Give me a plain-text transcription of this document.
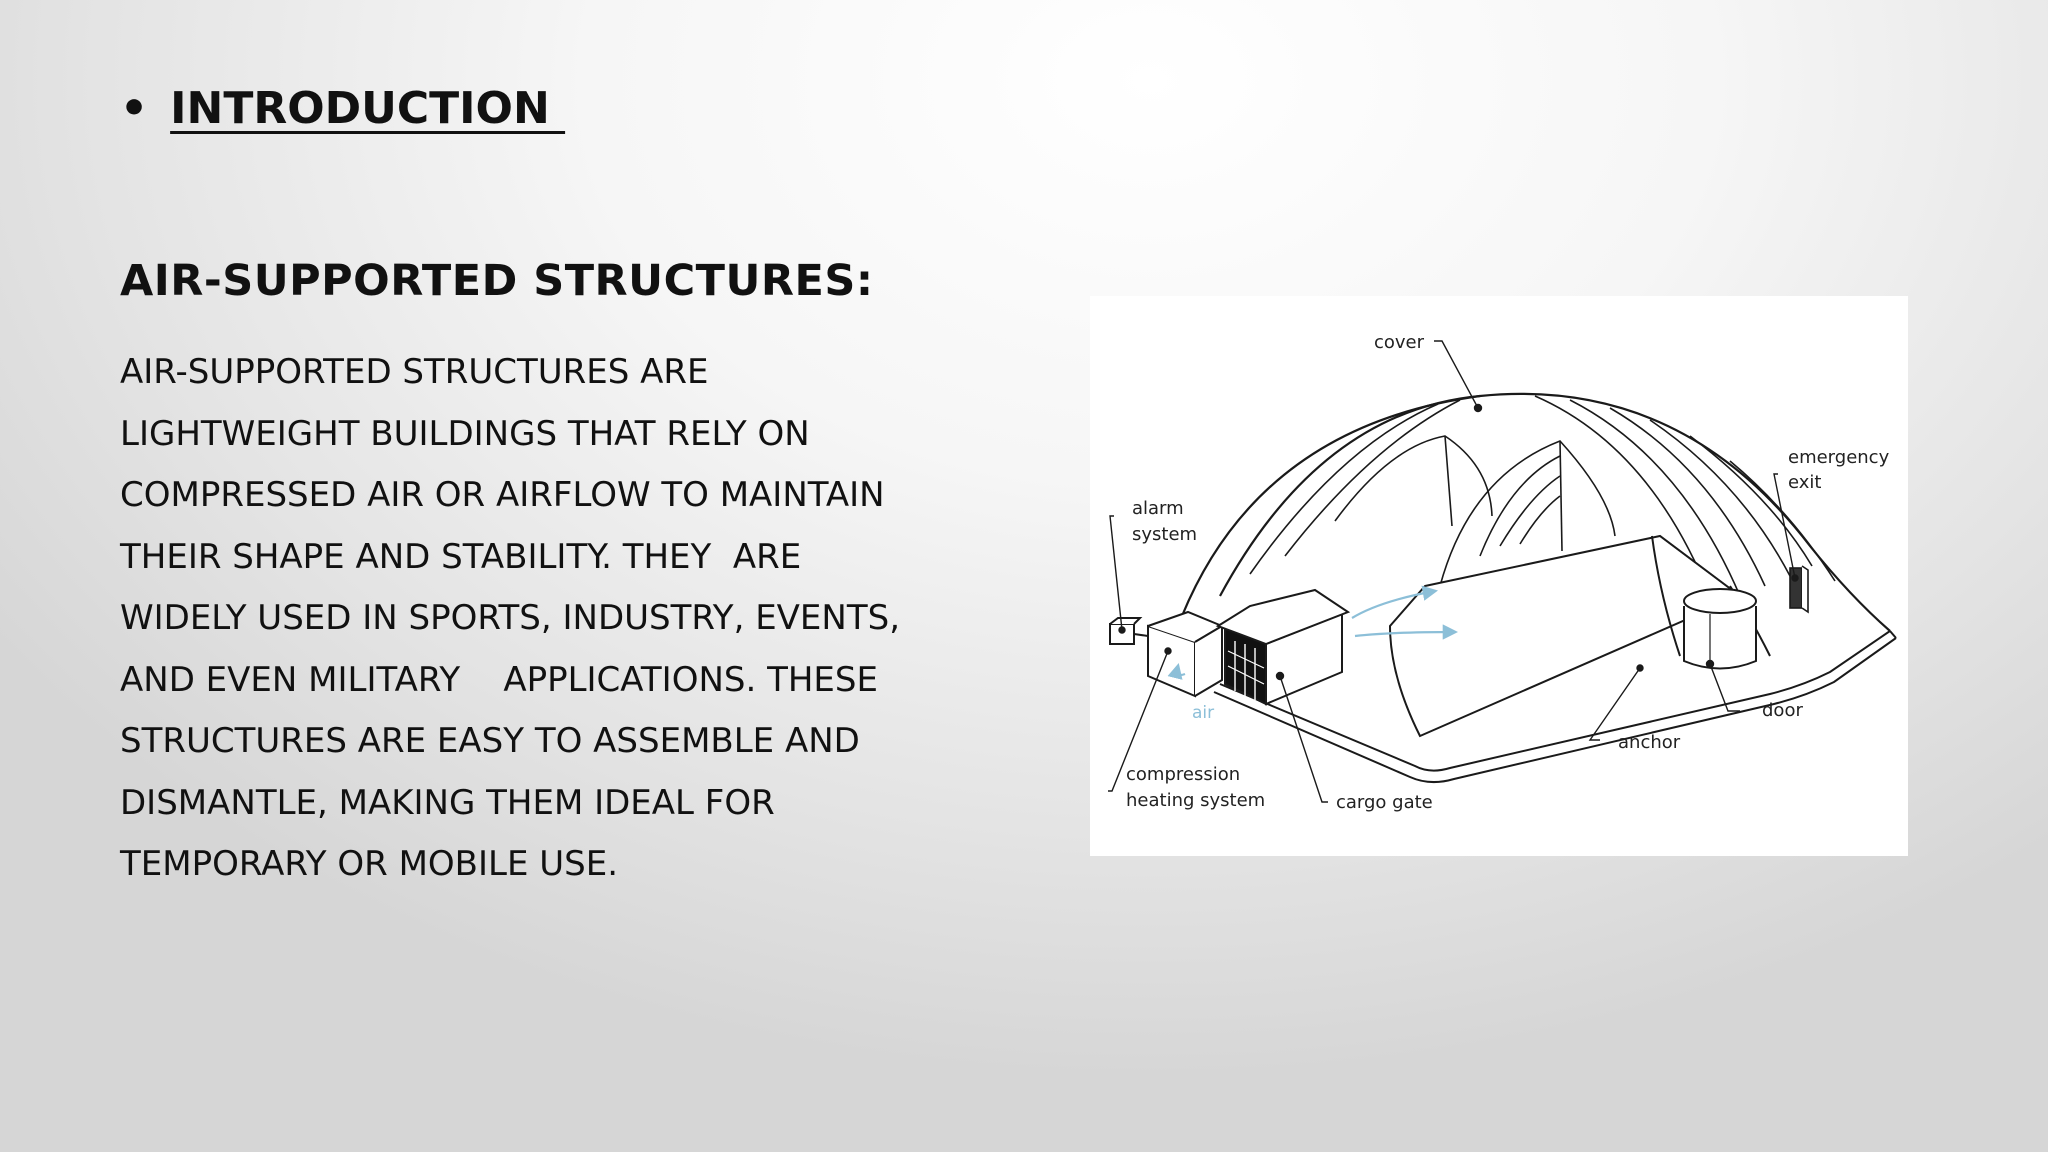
• INTRODUCTION
AIR-SUPPORTED STRUCTURES:

AIR-SUPPORTED STRUCTURES ARE
LIGHTWEIGHT BUILDINGS THAT RELY ON
COMPRESSED AIR OR AIRFLOW TO MAINTAIN
THEIR SHAPE AND STABILITY. THEY  ARE
WIDELY USED IN SPORTS, INDUSTRY, EVENTS,
AND EVEN MILITARY    APPLICATIONS. THESE
STRUCTURES ARE EASY TO ASSEMBLE AND
DISMANTLE, MAKING THEM IDEAL FOR
TEMPORARY OR MOBILE USE.

cover
emergency
exit
alarm
system
air	door
anchor
compression
heating system	cargo gate
